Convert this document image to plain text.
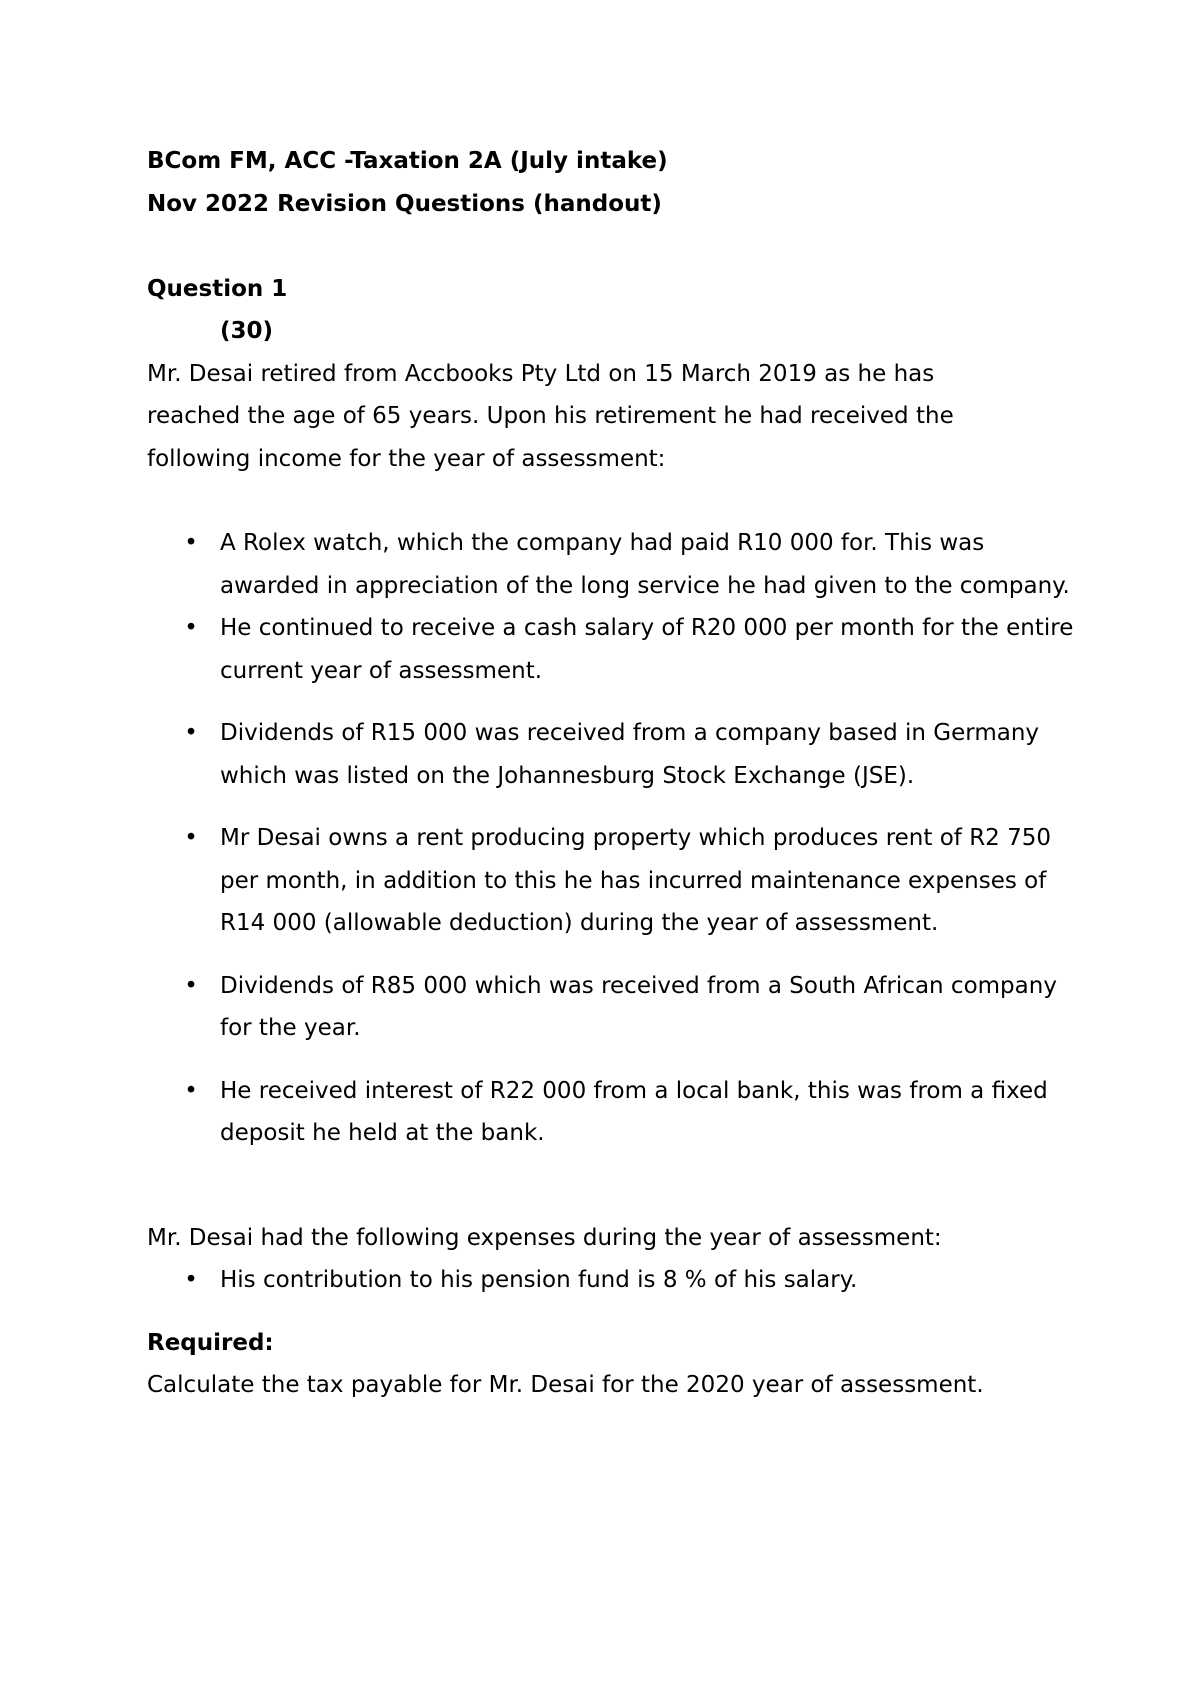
BCom FM, ACC -Taxation 2A (July intake)
Nov 2022 Revision Questions (handout)
Question 1
(30)
Mr. Desai retired from Accbooks Pty Ltd on 15 March 2019 as he has
reached the age of 65 years. Upon his retirement he had received the
following income for the year of assessment:
• A Rolex watch, which the company had paid R10 000 for. This was awarded in appreciation of the long service he had given to the company.
• He continued to receive a cash salary of R20 000 per month for the entire current year of assessment.
• Dividends of R15 000 was received from a company based in Germany which was listed on the Johannesburg Stock Exchange (JSE).
• Mr Desai owns a rent producing property which produces rent of R2 750 per month, in addition to this he has incurred maintenance expenses of R14 000 (allowable deduction) during the year of assessment.
• Dividends of R85 000 which was received from a South African company for the year.
• He received interest of R22 000 from a local bank, this was from a fixed deposit he held at the bank.
Mr. Desai had the following expenses during the year of assessment:
• His contribution to his pension fund is 8 % of his salary.
Required:
Calculate the tax payable for Mr. Desai for the 2020 year of assessment.
